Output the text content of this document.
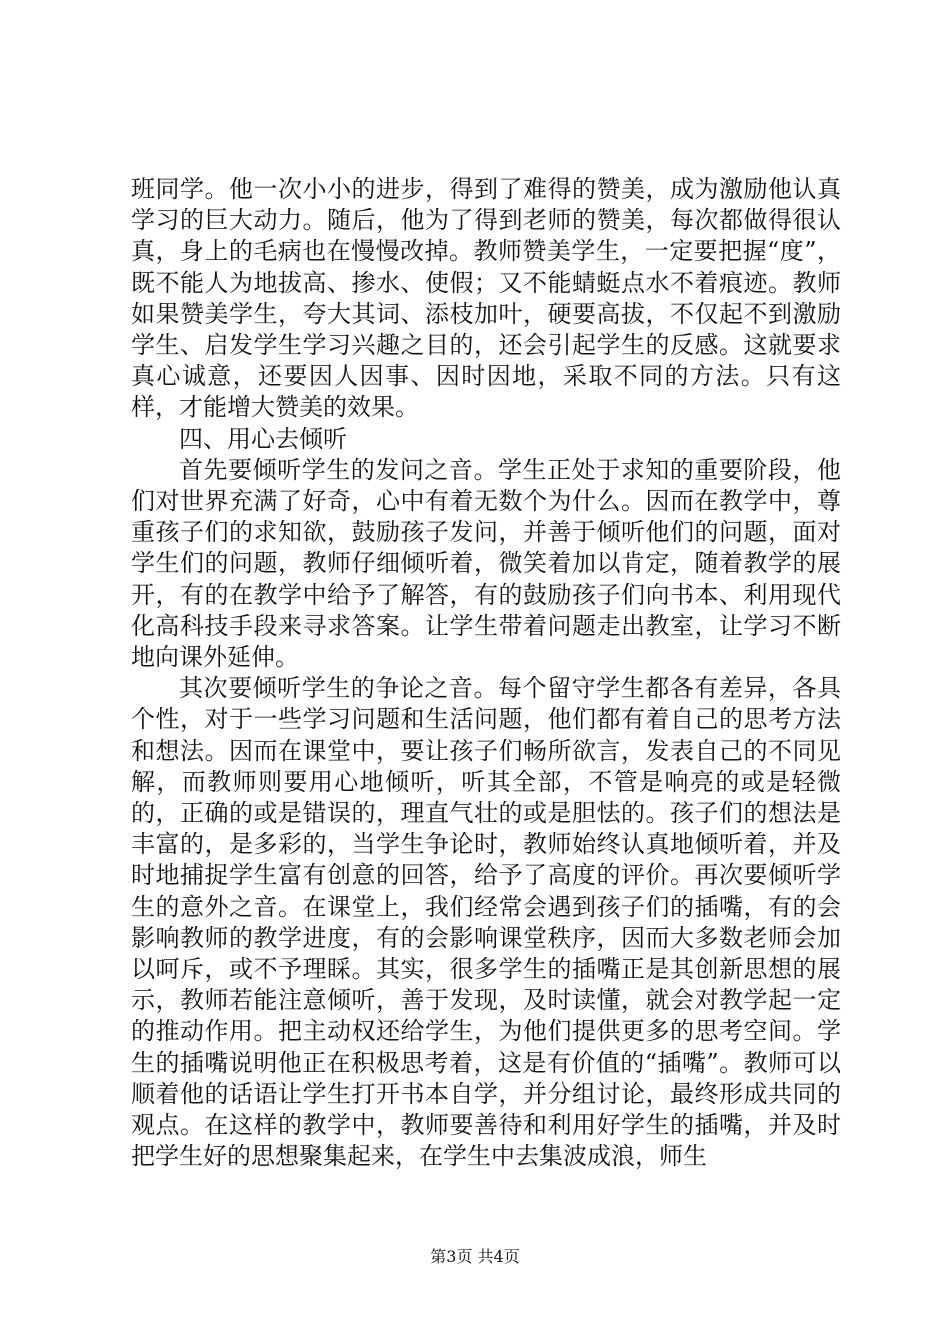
班同学。他一次小小的进步，得到了难得的赞美，成为激励他认真学习的巨大动力。随后，他为了得到老师的赞美，每次都做得很认真，身上的毛病也在慢慢改掉。教师赞美学生，一定要把握“度”，既不能人为地拔高、掺水、使假；又不能蜻蜓点水不着痕迹。教师如果赞美学生，夸大其词、添枝加叶，硬要高拔，不仅起不到激励学生、启发学生学习兴趣之目的，还会引起学生的反感。这就要求真心诚意，还要因人因事、因时因地，采取不同的方法。只有这样，才能增大赞美的效果。

四、用心去倾听

首先要倾听学生的发问之音。学生正处于求知的重要阶段，他们对世界充满了好奇，心中有着无数个为什么。因而在教学中，尊重孩子们的求知欲，鼓励孩子发问，并善于倾听他们的问题，面对学生们的问题，教师仔细倾听着，微笑着加以肯定，随着教学的展开，有的在教学中给予了解答，有的鼓励孩子们向书本、利用现代化高科技手段来寻求答案。让学生带着问题走出教室，让学习不断地向课外延伸。

其次要倾听学生的争论之音。每个留守学生都各有差异，各具个性，对于一些学习问题和生活问题，他们都有着自己的思考方法和想法。因而在课堂中，要让孩子们畅所欲言，发表自己的不同见解，而教师则要用心地倾听，听其全部，不管是响亮的或是轻微的，正确的或是错误的，理直气壮的或是胆怯的。孩子们的想法是丰富的，是多彩的，当学生争论时，教师始终认真地倾听着，并及时地捕捉学生富有创意的回答，给予了高度的评价。再次要倾听学生的意外之音。在课堂上，我们经常会遇到孩子们的插嘴，有的会影响教师的教学进度，有的会影响课堂秩序，因而大多数老师会加以呵斥，或不予理睬。其实，很多学生的插嘴正是其创新思想的展示，教师若能注意倾听，善于发现，及时读懂，就会对教学起一定的推动作用。把主动权还给学生，为他们提供更多的思考空间。学生的插嘴说明他正在积极思考着，这是有价值的“插嘴”。教师可以顺着他的话语让学生打开书本自学，并分组讨论，最终形成共同的观点。在这样的教学中，教师要善待和利用好学生的插嘴，并及时把学生好的思想聚集起来，在学生中去集波成浪，师生

第3页 共4页
